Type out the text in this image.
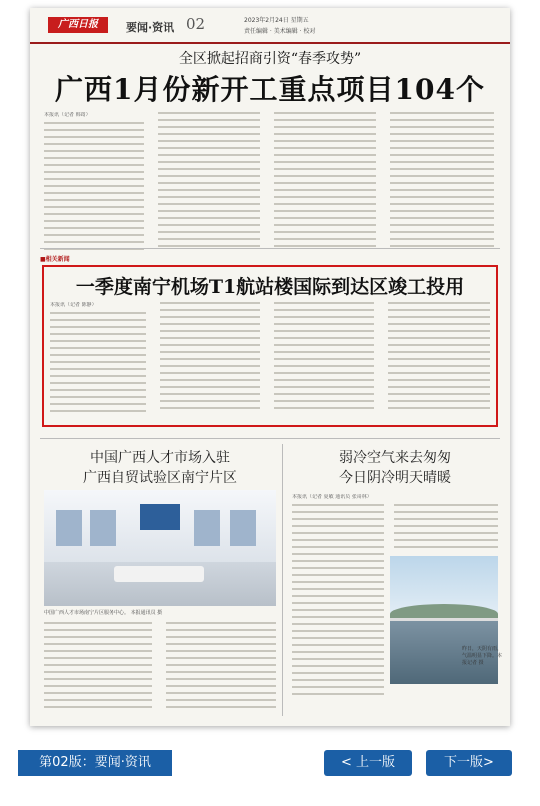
广西日报	要闻·资讯 02	2023年2月24日 星期五
责任编辑 · 美术编辑 · 校对
全区掀起招商引资“春季攻势”
广西1月份新开工重点项目104个
本报讯（记者 韩筠）
■相关新闻
一季度南宁机场T1航站楼国际到达区竣工投用
本报讯（记者 陈静）
中国广西人才市场入驻
广西自贸试验区南宁片区
中国广西人才市场南宁片区服务中心。 本报通讯员 摄
弱冷空气来去匆匆
今日阴冷明天晴暖
本报讯（记者 夏敏 通讯员 张哥林）
昨日，天阴有雨，气温明显下降。本报记者 摄
第02版：要闻·资讯	< 上一版	下一版>
